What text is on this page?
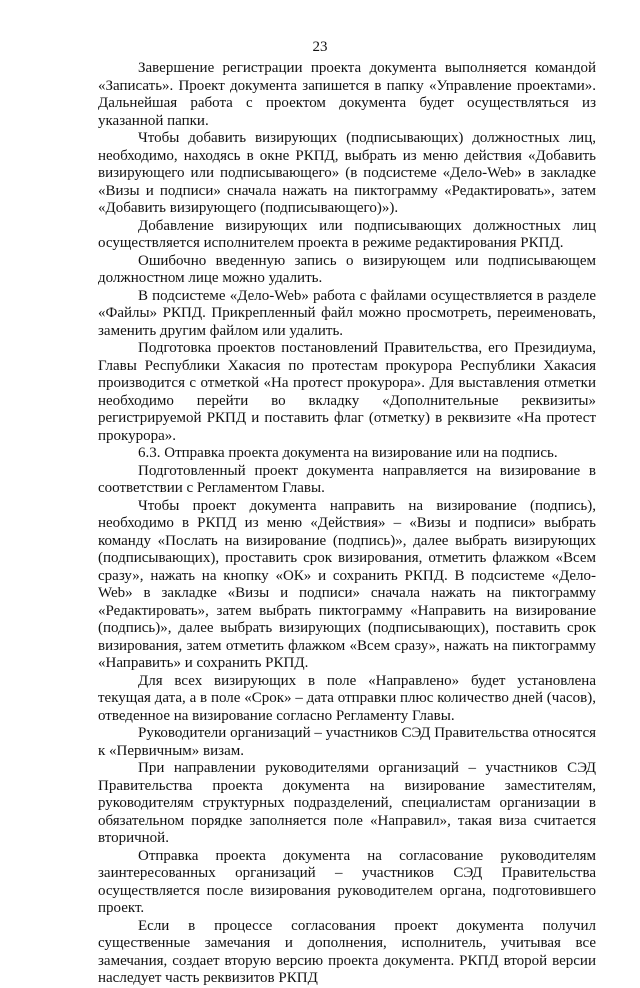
23

Завершение регистрации проекта документа выполняется командой «Записать». Проект документа запишется в папку «Управление проектами». Дальнейшая работа с проектом документа будет осуществляться из указанной папки.

Чтобы добавить визирующих (подписывающих) должностных лиц, необходимо, находясь в окне РКПД, выбрать из меню действия «Добавить визирующего или подписывающего» (в подсистеме «Дело-Web» в закладке «Визы и подписи» сначала нажать на пиктограмму «Редактировать», затем «Добавить визирующего (подписывающего)»).

Добавление визирующих или подписывающих должностных лиц осуществляется исполнителем проекта в режиме редактирования РКПД.

Ошибочно введенную запись о визирующем или подписывающем должностном лице можно удалить.

В подсистеме «Дело-Web» работа с файлами осуществляется в разделе «Файлы» РКПД. Прикрепленный файл можно просмотреть, переименовать, заменить другим файлом или удалить.

Подготовка проектов постановлений Правительства, его Президиума, Главы Республики Хакасия по протестам прокурора Республики Хакасия производится с отметкой «На протест прокурора». Для выставления отметки необходимо перейти во вкладку «Дополнительные реквизиты» регистрируемой РКПД и поставить флаг (отметку) в реквизите «На протест прокурора».

6.3. Отправка проекта документа на визирование или на подпись.

Подготовленный проект документа направляется на визирование в соответствии с Регламентом Главы.

Чтобы проект документа направить на визирование (подпись), необходимо в РКПД из меню «Действия» – «Визы и подписи» выбрать команду «Послать на визирование (подпись)», далее выбрать визирующих (подписывающих), проставить срок визирования, отметить флажком «Всем сразу», нажать на кнопку «ОК» и сохранить РКПД. В подсистеме «Дело-Web» в закладке «Визы и подписи» сначала нажать на пиктограмму «Редактировать», затем выбрать пиктограмму «Направить на визирование (подпись)», далее выбрать визирующих (подписывающих), поставить срок визирования, затем отметить флажком «Всем сразу», нажать на пиктограмму «Направить» и сохранить РКПД.

Для всех визирующих в поле «Направлено» будет установлена текущая дата, а в поле «Срок» – дата отправки плюс количество дней (часов), отведенное на визирование согласно Регламенту Главы.

Руководители организаций – участников СЭД Правительства относятся к «Первичным» визам.

При направлении руководителями организаций – участников СЭД Правительства проекта документа на визирование заместителям, руководителям структурных подразделений, специалистам организации в обязательном порядке заполняется поле «Направил», такая виза считается вторичной.

Отправка проекта документа на согласование руководителям заинтересованных организаций – участников СЭД Правительства осуществляется после визирования руководителем органа, подготовившего проект.

Если в процессе согласования проект документа получил существенные замечания и дополнения, исполнитель, учитывая все замечания, создает вторую версию проекта документа. РКПД второй версии наследует часть реквизитов РКПД
